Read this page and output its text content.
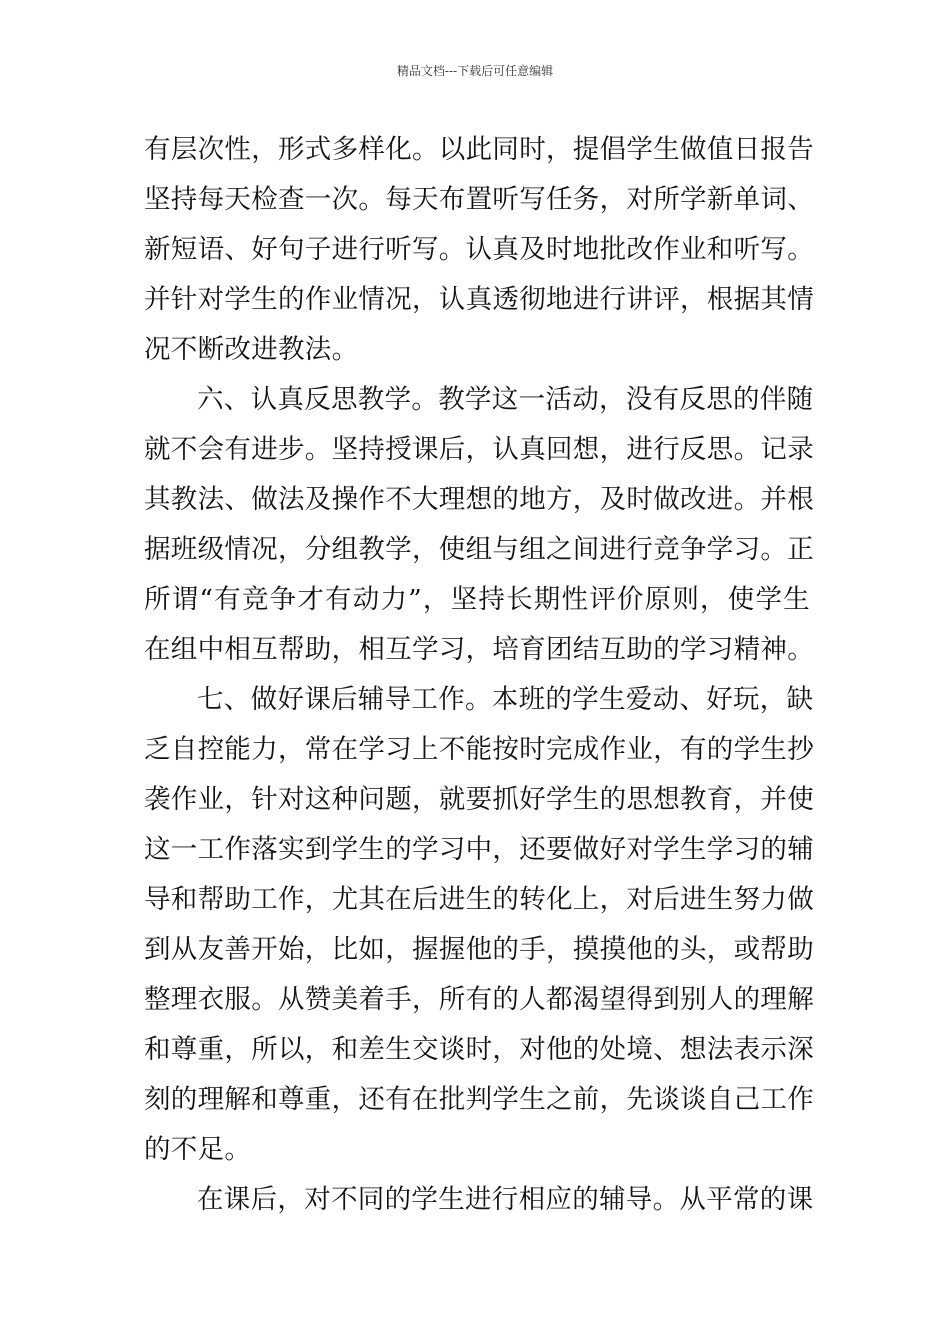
精品文档---下载后可任意编辑
有层次性，形式多样化。以此同时，提倡学生做值日报告
坚持每天检查一次。每天布置听写任务，对所学新单词、
新短语、好句子进行听写。认真及时地批改作业和听写。
并针对学生的作业情况，认真透彻地进行讲评，根据其情
况不断改进教法。
六、认真反思教学。教学这一活动，没有反思的伴随
就不会有进步。坚持授课后，认真回想，进行反思。记录
其教法、做法及操作不大理想的地方，及时做改进。并根
据班级情况，分组教学，使组与组之间进行竞争学习。正
所谓“有竞争才有动力”，坚持长期性评价原则，使学生
在组中相互帮助，相互学习，培育团结互助的学习精神。
七、做好课后辅导工作。本班的学生爱动、好玩，缺
乏自控能力，常在学习上不能按时完成作业，有的学生抄
袭作业，针对这种问题，就要抓好学生的思想教育，并使
这一工作落实到学生的学习中，还要做好对学生学习的辅
导和帮助工作，尤其在后进生的转化上，对后进生努力做
到从友善开始，比如，握握他的手，摸摸他的头，或帮助
整理衣服。从赞美着手，所有的人都渴望得到别人的理解
和尊重，所以，和差生交谈时，对他的处境、想法表示深
刻的理解和尊重，还有在批判学生之前，先谈谈自己工作
的不足。
在课后，对不同的学生进行相应的辅导。从平常的课
